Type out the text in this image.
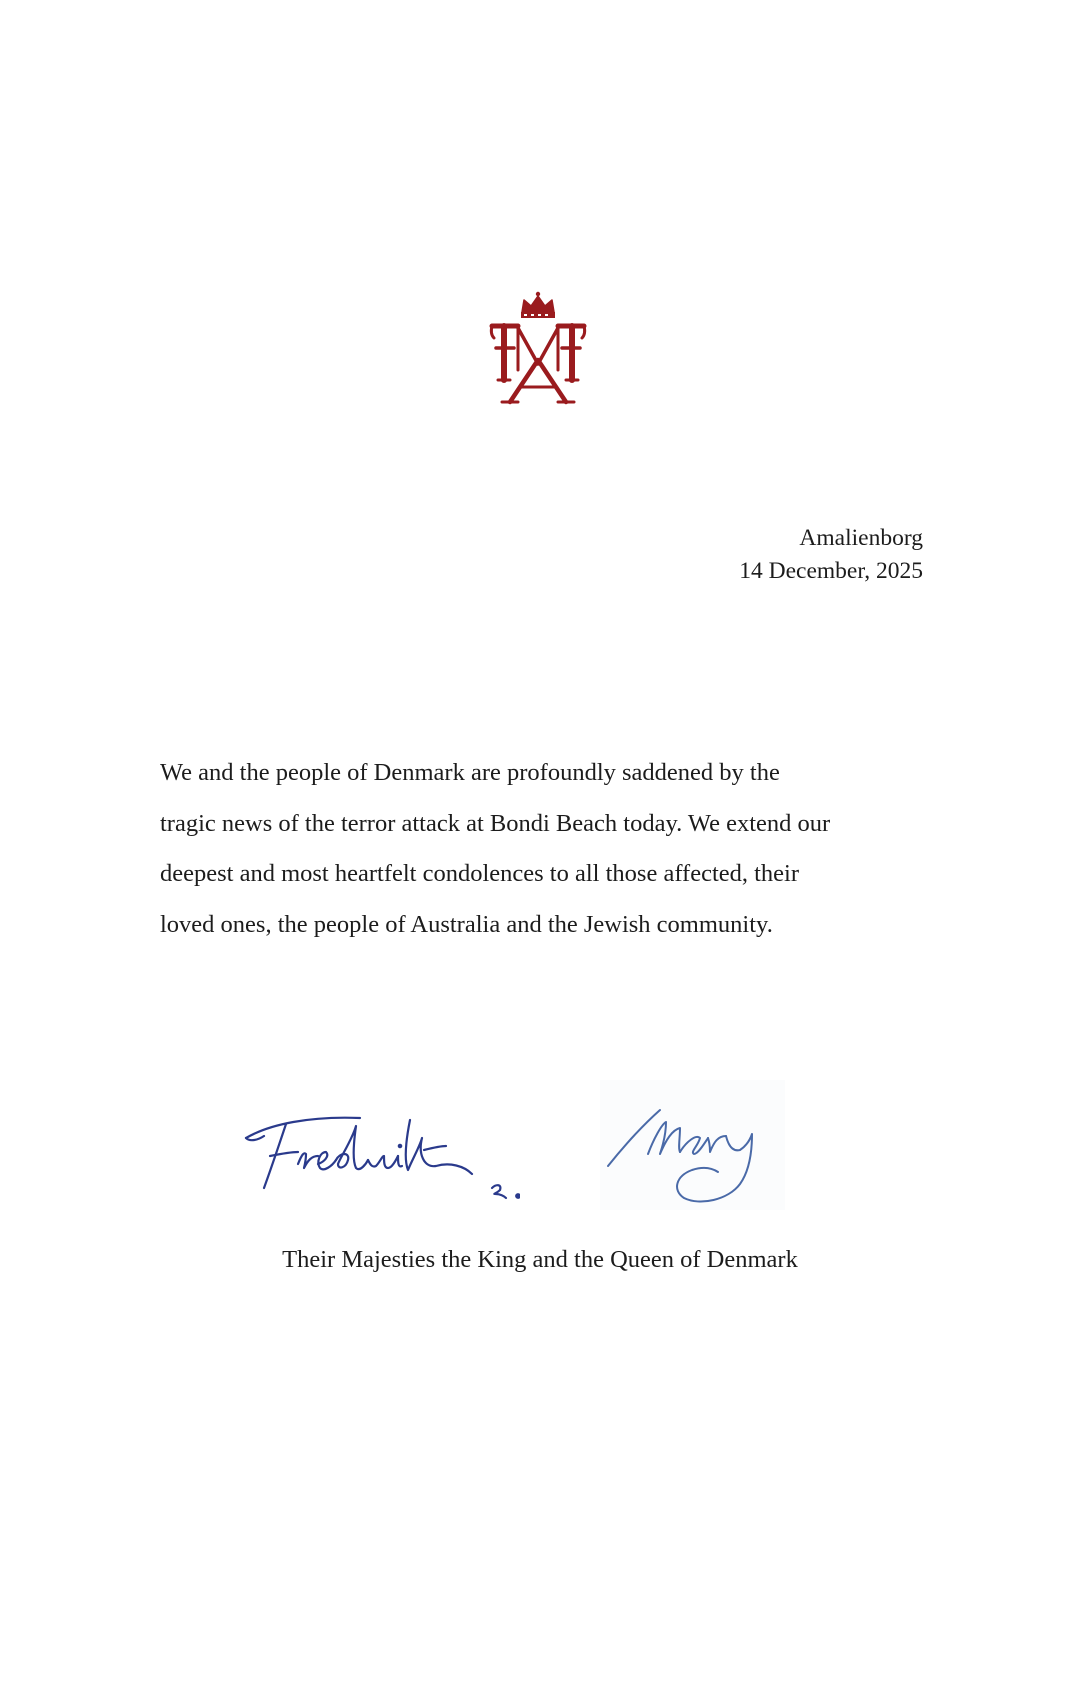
Amalienborg
14 December, 2025
We and the people of Denmark are profoundly saddened by the
tragic news of the terror attack at Bondi Beach today. We extend our
deepest and most heartfelt condolences to all those affected, their
loved ones, the people of Australia and the Jewish community.
Their Majesties the King and the Queen of Denmark
